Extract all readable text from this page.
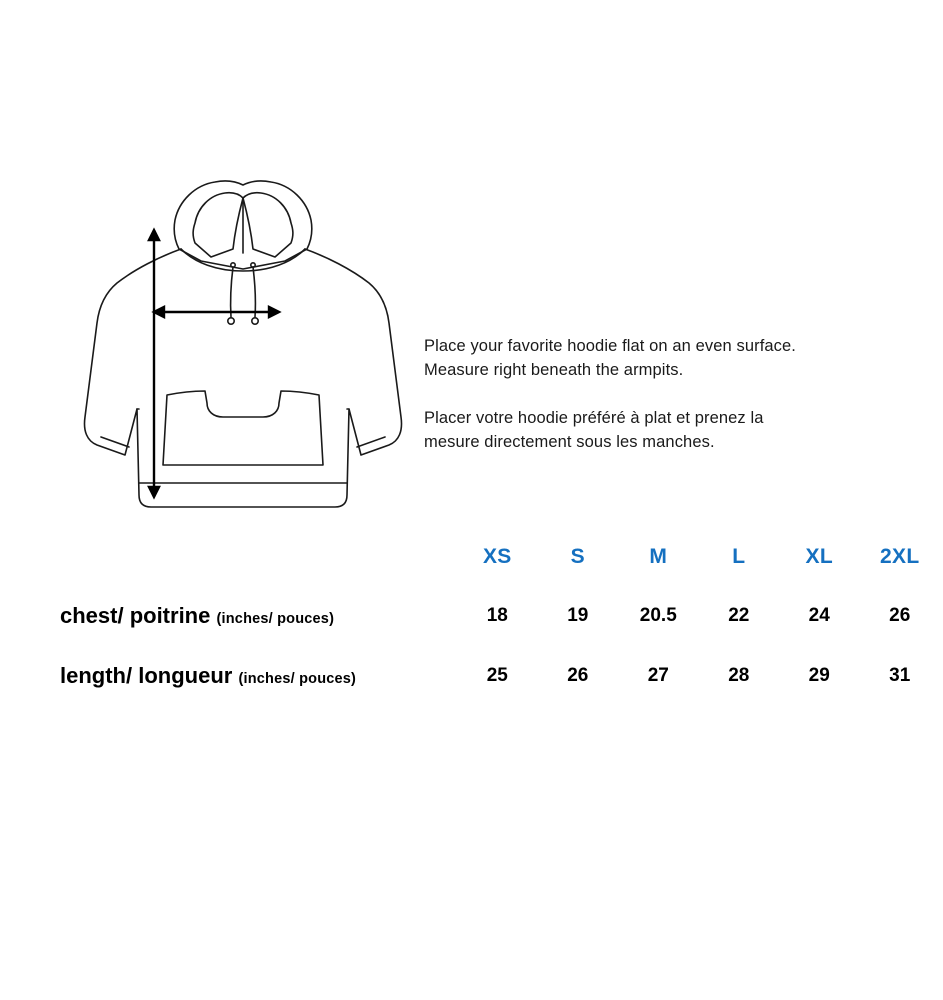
Place your favorite hoodie flat on an even surface.

Measure right beneath the armpits.

Placer votre hoodie préféré à plat et prenez la

mesure directement sous les manches.

	XS	S	M	L	XL	2XL
chest/ poitrine (inches/ pouces)	18	19	20.5	22	24	26
length/ longueur (inches/ pouces)	25	26	27	28	29	31
